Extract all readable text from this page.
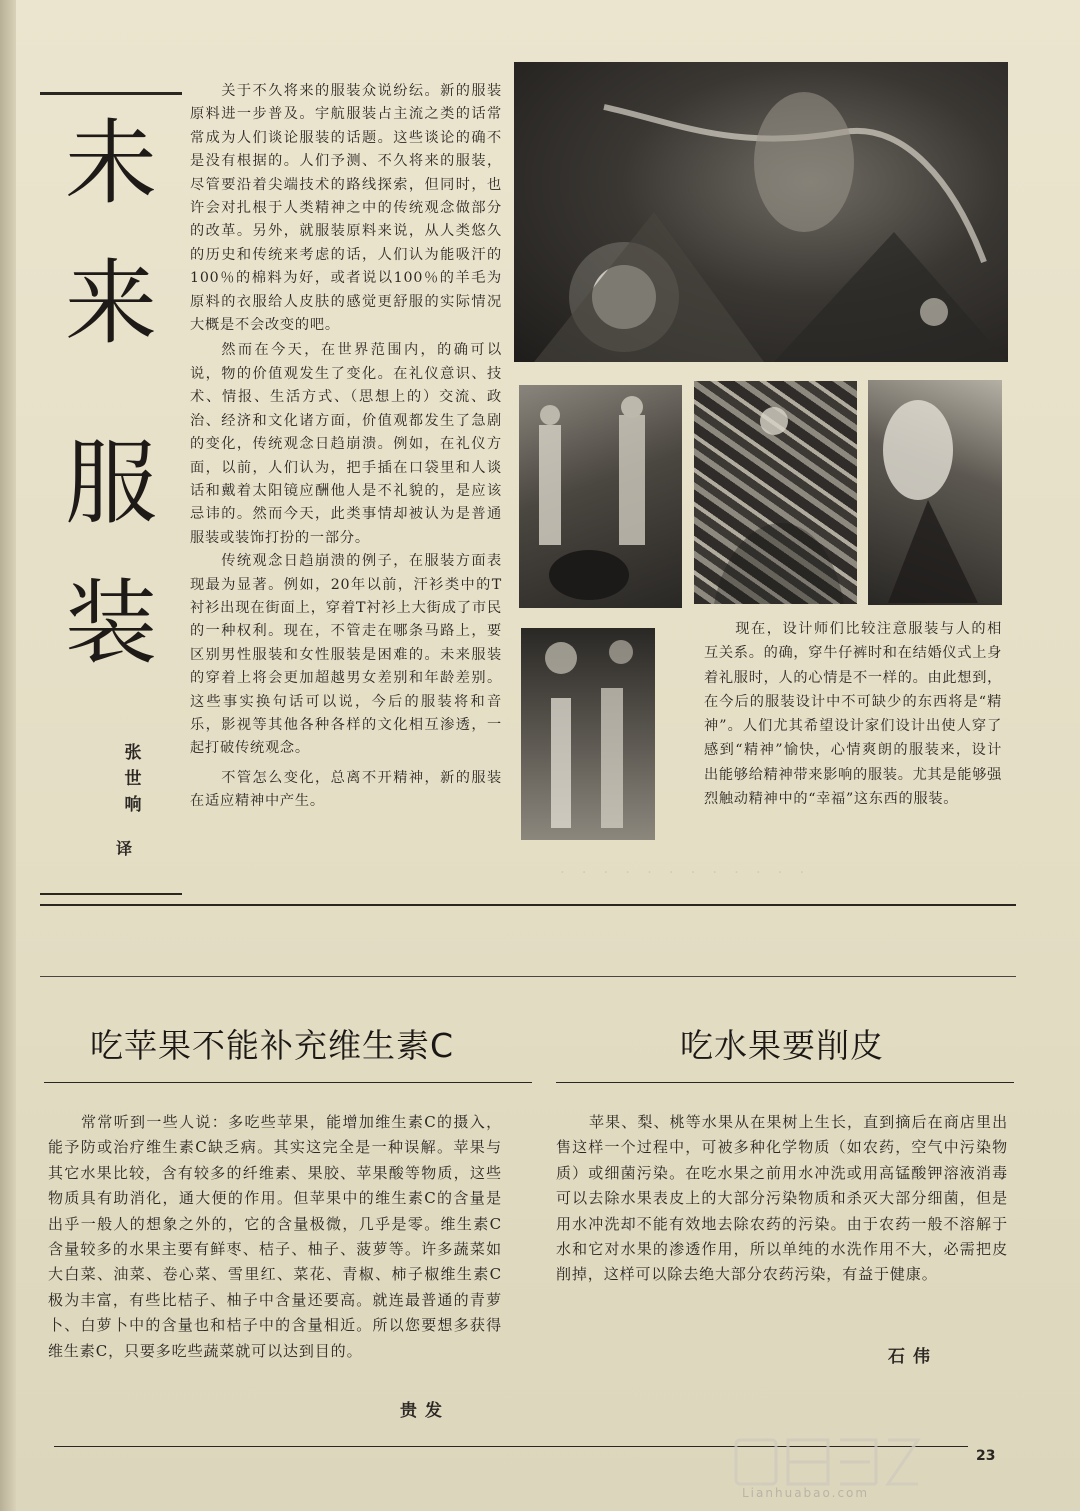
未
来
服
装
张
世
响
译

关于不久将来的服装众说纷纭。新的服装原料进一步普及。宇航服装占主流之类的话常常成为人们谈论服装的话题。这些谈论的确不是没有根据的。人们予测、不久将来的服装，尽管要沿着尖端技术的路线探索，但同时，也许会对扎根于人类精神之中的传统观念做部分的改革。另外，就服装原料来说，从人类悠久的历史和传统来考虑的话，人们认为能吸汗的100％的棉料为好，或者说以100％的羊毛为原料的衣服给人皮肤的感觉更舒服的实际情况大概是不会改变的吧。

然而在今天，在世界范围内，的确可以说，物的价值观发生了变化。在礼仪意识、技术、情报、生活方式、（思想上的）交流、政治、经济和文化诸方面，价值观都发生了急剧的变化，传统观念日趋崩溃。例如，在礼仪方面，以前，人们认为，把手插在口袋里和人谈话和戴着太阳镜应酬他人是不礼貌的，是应该忌讳的。然而今天，此类事情却被认为是普通服装或装饰打扮的一部分。

传统观念日趋崩溃的例子，在服装方面表现最为显著。例如，20年以前，汗衫类中的T衬衫出现在街面上，穿着T衬衫上大街成了市民的一种权利。现在，不管走在哪条马路上，要区别男性服装和女性服装是困难的。未来服装的穿着上将会更加超越男女差别和年龄差别。这些事实换句话可以说，今后的服装将和音乐，影视等其他各种各样的文化相互渗透，一起打破传统观念。

不管怎么变化，总离不开精神，新的服装在适应精神中产生。

现在，设计师们比较注意服装与人的相互关系。的确，穿牛仔裤时和在结婚仪式上身着礼服时，人的心情是不一样的。由此想到，在今后的服装设计中不可缺少的东西将是“精神”。人们尤其希望设计家们设计出使人穿了感到“精神”愉快，心情爽朗的服装来，设计出能够给精神带来影响的服装。尤其是能够强烈触动精神中的“幸福”这东西的服装。

·　·　·　·　·　·　·　·　·　·　·　·
吃苹果不能补充维生素C

常常听到一些人说：多吃些苹果，能增加维生素C的摄入，能予防或治疗维生素C缺乏病。其实这完全是一种误解。苹果与其它水果比较，含有较多的纤维素、果胶、苹果酸等物质，这些物质具有助消化，通大便的作用。但苹果中的维生素C的含量是出乎一般人的想象之外的，它的含量极微，几乎是零。维生素C含量较多的水果主要有鲜枣、桔子、柚子、菠萝等。许多蔬菜如大白菜、油菜、卷心菜、雪里红、菜花、青椒、柿子椒维生素C极为丰富，有些比桔子、柚子中含量还要高。就连最普通的青萝卜、白萝卜中的含量也和桔子中的含量相近。所以您要想多获得维生素C，只要多吃些蔬菜就可以达到目的。

贵发
吃水果要削皮

苹果、梨、桃等水果从在果树上生长，直到摘后在商店里出售这样一个过程中，可被多种化学物质（如农药，空气中污染物质）或细菌污染。在吃水果之前用水冲洗或用高锰酸钾溶液消毒可以去除水果表皮上的大部分污染物质和杀灭大部分细菌，但是用水冲洗却不能有效地去除农药的污染。由于农药一般不溶解于水和它对水果的渗透作用，所以单纯的水洗作用不大，必需把皮削掉，这样可以除去绝大部分农药污染，有益于健康。

石伟
Lianhuabao.com
23
